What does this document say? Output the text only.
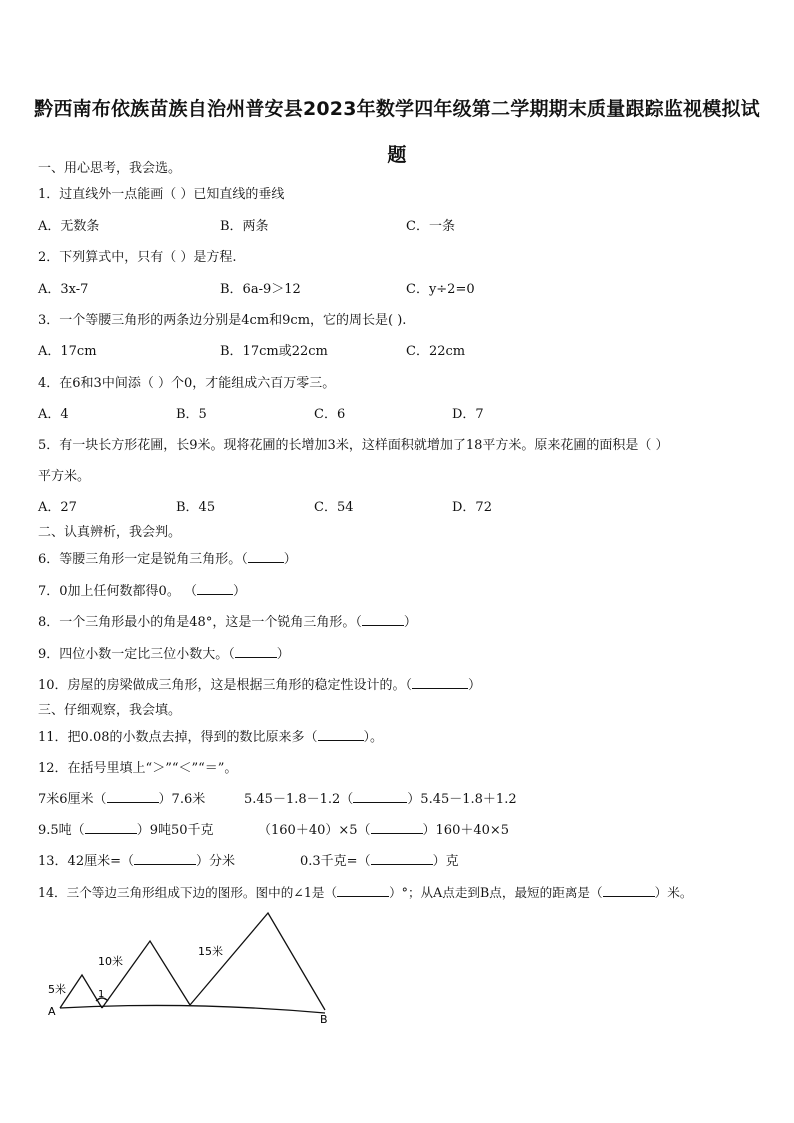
黔西南布依族苗族自治州普安县2023年数学四年级第二学期期末质量跟踪监视模拟试
题
一、用心思考，我会选。
1．过直线外一点能画（ ）已知直线的垂线
A．无数条	B．两条	C．一条
2．下列算式中，只有（ ）是方程.
A．3x-7	B．6a-9＞12	C．y÷2=0
3．一个等腰三角形的两条边分别是4cm和9cm，它的周长是( ).
A．17cm	B．17cm或22cm	C．22cm
4．在6和3中间添（ ）个0，才能组成六百万零三。
A．4	B．5	C．6	D．7
5．有一块长方形花圃，长9米。现将花圃的长增加3米，这样面积就增加了18平方米。原来花圃的面积是（ ）
平方米。
A．27	B．45	C．54	D．72
二、认真辨析，我会判。
6．等腰三角形一定是锐角三角形。（	）
7．0加上任何数都得0。 （	）
8．一个三角形最小的角是48°，这是一个锐角三角形。（	）
9．四位小数一定比三位小数大。（	）
10．房屋的房梁做成三角形，这是根据三角形的稳定性设计的。（	）
三、仔细观察，我会填。
11．把0.08的小数点去掉，得到的数比原来多（	）。
12．在括号里填上“＞”“＜”“＝”。
7米6厘米（	）7.6米	5.45－1.8－1.2（	）5.45－1.8＋1.2
9.5吨（	）9吨50千克	（160＋40）×5（	）160＋40×5
13．42厘米=（	）分米	0.3千克=（	）克
14．三个等边三角形组成下边的图形。图中的∠1是（	）°；从A点走到B点，最短的距离是（	）米。
5米
10米
15米
1
A
B
